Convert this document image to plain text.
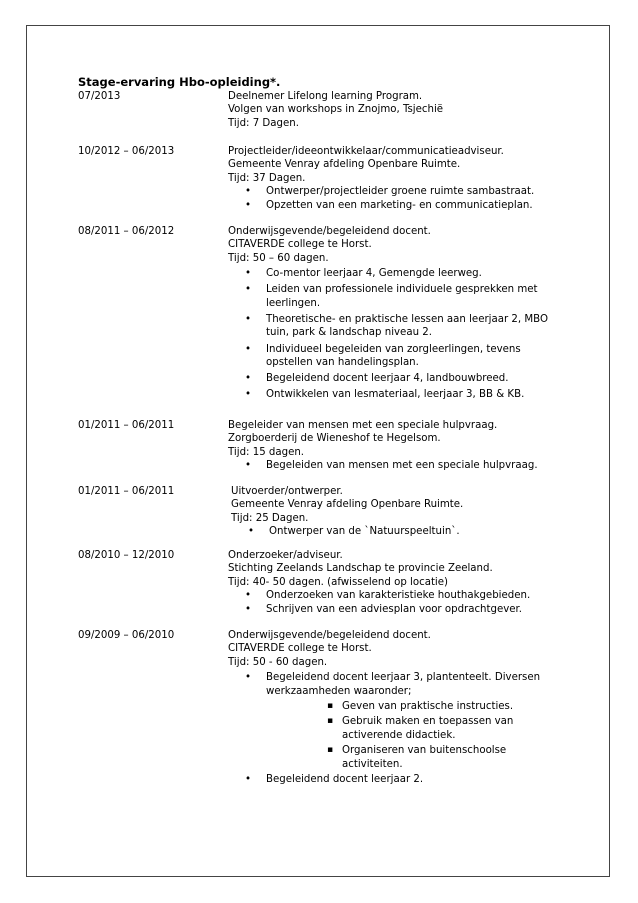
Stage-ervaring Hbo-opleiding*.
07/2013	Deelnemer Lifelong learning Program.
Volgen van workshops in Znojmo, Tsjechië
Tijd: 7 Dagen.
10/2012 – 06/2013	Projectleider/ideeontwikkelaar/communicatieadviseur.
Gemeente Venray afdeling Openbare Ruimte.
Tijd: 37 Dagen.
• Ontwerper/projectleider groene ruimte sambastraat.
• Opzetten van een marketing- en communicatieplan.
08/2011 – 06/2012	Onderwijsgevende/begeleidend docent.
CITAVERDE college te Horst.
Tijd: 50 – 60 dagen.
• Co-mentor leerjaar 4, Gemengde leerweg.
• Leiden van professionele individuele gesprekken met leerlingen.
• Theoretische- en praktische lessen aan leerjaar 2, MBO tuin, park & landschap niveau 2.
• Individueel begeleiden van zorgleerlingen, tevens opstellen van handelingsplan.
• Begeleidend docent leerjaar 4, landbouwbreed.
• Ontwikkelen van lesmateriaal, leerjaar 3, BB & KB.
01/2011 – 06/2011	Begeleider van mensen met een speciale hulpvraag.
Zorgboerderij de Wieneshof te Hegelsom.
Tijd: 15 dagen.
• Begeleiden van mensen met een speciale hulpvraag.
01/2011 – 06/2011	Uitvoerder/ontwerper.
Gemeente Venray afdeling Openbare Ruimte.
Tijd: 25 Dagen.
• Ontwerper van de `Natuurspeeltuin`.
08/2010 – 12/2010	Onderzoeker/adviseur.
Stichting Zeelands Landschap te provincie Zeeland.
Tijd: 40- 50 dagen. (afwisselend op locatie)
• Onderzoeken van karakteristieke houthakgebieden.
• Schrijven van een adviesplan voor opdrachtgever.
09/2009 – 06/2010	Onderwijsgevende/begeleidend docent.
CITAVERDE college te Horst.
Tijd: 50 - 60 dagen.
• Begeleidend docent leerjaar 3, plantenteelt. Diversen werkzaamheden waaronder;
▪ Geven van praktische instructies.
▪ Gebruik maken en toepassen van activerende didactiek.
▪ Organiseren van buitenschoolse activiteiten.
• Begeleidend docent leerjaar 2.
